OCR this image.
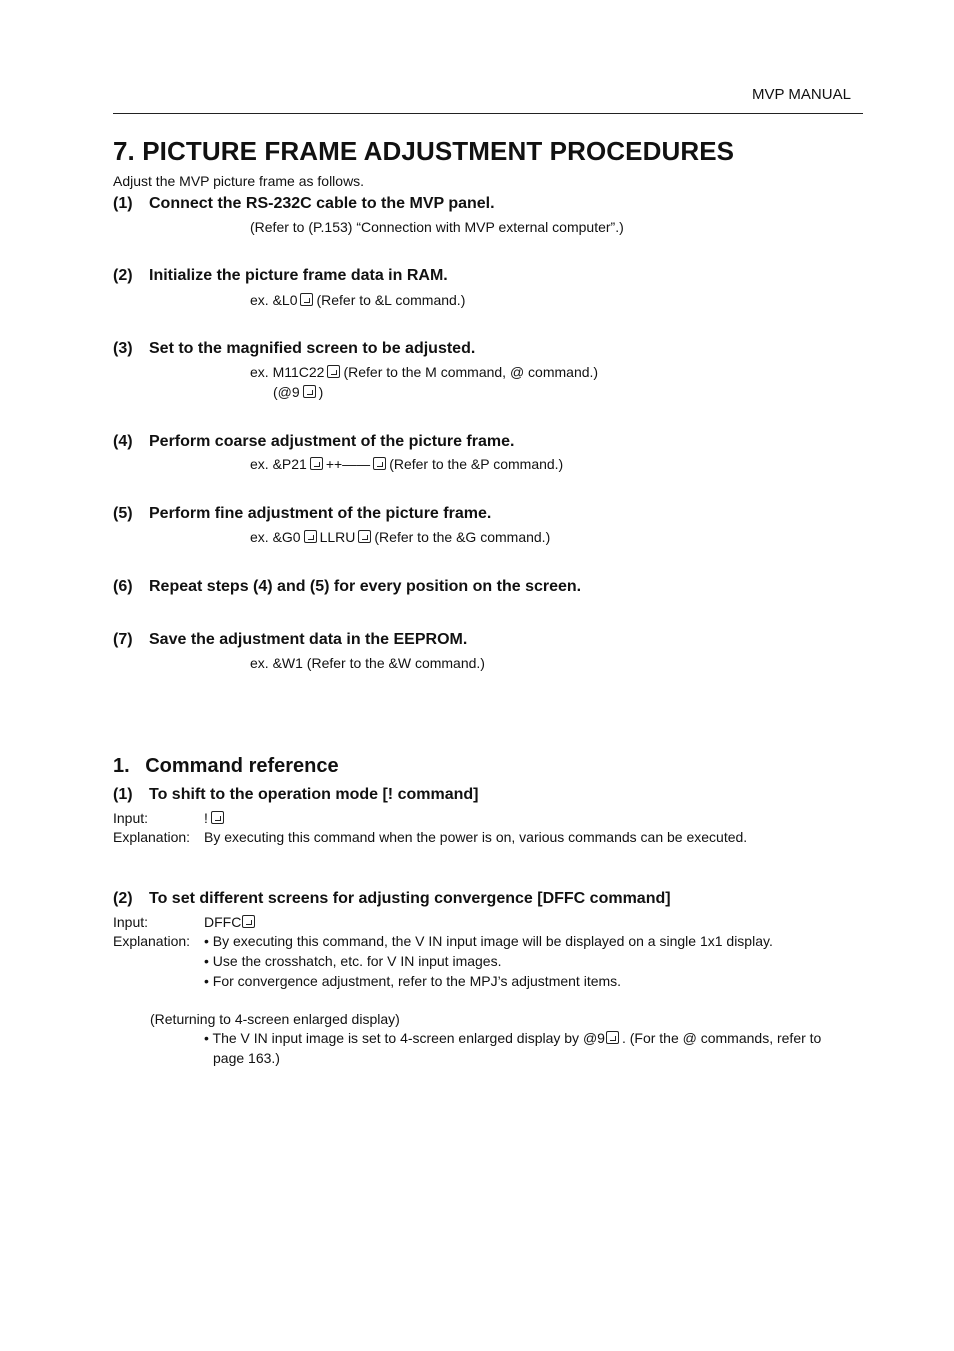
MVP MANUAL
7. PICTURE FRAME ADJUSTMENT PROCEDURES
Adjust the MVP picture frame as follows.
(1) Connect the RS-232C cable to the MVP panel.
(Refer to (P.153) “Connection with MVP external computer”.)
(2) Initialize the picture frame data in RAM.
ex. &L0 (Refer to &L command.)
(3) Set to the magnified screen to be adjusted.
ex. M11C22 (Refer to the M command, @ command.)
(@9 )
(4) Perform coarse adjustment of the picture frame.
ex. &P21 ++—— (Refer to the &P command.)
(5) Perform fine adjustment of the picture frame.
ex. &G0 LLRU (Refer to the &G command.)
(6) Repeat steps (4) and (5) for every position on the screen.
(7) Save the adjustment data in the EEPROM.
ex. &W1 (Refer to the &W command.)
1.  Command reference
(1) To shift to the operation mode [! command]
Input:	!
Explanation: By executing this command when the power is on, various commands can be executed.
(2) To set different screens for adjusting convergence [DFFC command]
Input:	DFFC
Explanation: • By executing this command, the V IN input image will be displayed on a single 1x1 display.
• Use the crosshatch, etc. for V IN input images.
• For convergence adjustment, refer to the MPJ’s adjustment items.
(Returning to 4-screen enlarged display)
• The V IN input image is set to 4-screen enlarged display by @9 . (For the @ commands, refer to
page 163.)
